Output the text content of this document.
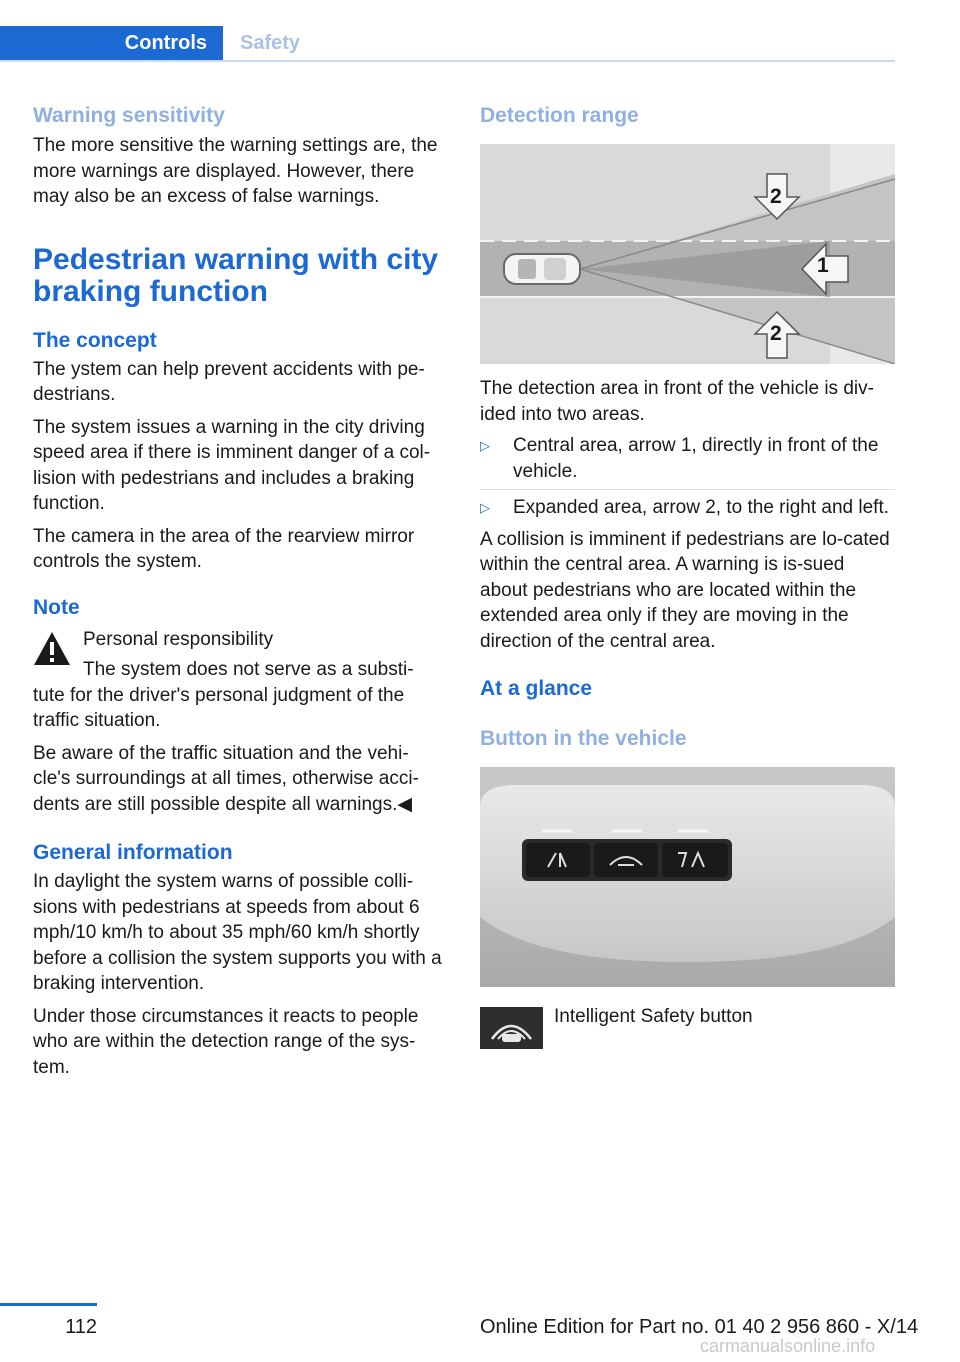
Controls	Safety
Warning sensitivity

The more sensitive the warning settings are, the more warnings are displayed. However, there may also be an excess of false warnings.

Pedestrian warning with city braking function
The concept

The ystem can help prevent accidents with pe‐destrians.

The system issues a warning in the city driving speed area if there is imminent danger of a col‐lision with pedestrians and includes a braking function.

The camera in the area of the rearview mirror controls the system.

Note

Personal responsibility

The system does not serve as a substi‐

tute for the driver's personal judgment of the traffic situation.

Be aware of the traffic situation and the vehi‐cle's surroundings at all times, otherwise acci‐dents are still possible despite all warnings.◀

General information

In daylight the system warns of possible colli‐sions with pedestrians at speeds from about 6 mph/10 km/h to about 35 mph/60 km/h shortly before a collision the system supports you with a braking intervention.

Under those circumstances it reacts to people who are within the detection range of the sys‐tem.

Detection range
1
2
2

The detection area in front of the vehicle is div‐ided into two areas.

▷ Central area, arrow 1, directly in front of the vehicle.
▷ Expanded area, arrow 2, to the right and left.

A collision is imminent if pedestrians are lo‐cated within the central area. A warning is is‐sued about pedestrians who are located within the extended area only if they are moving in the direction of the central area.

At a glance
Button in the vehicle

Intelligent Safety button

112	Online Edition for Part no. 01 40 2 956 860 - X/14
carmanualsonline.info
